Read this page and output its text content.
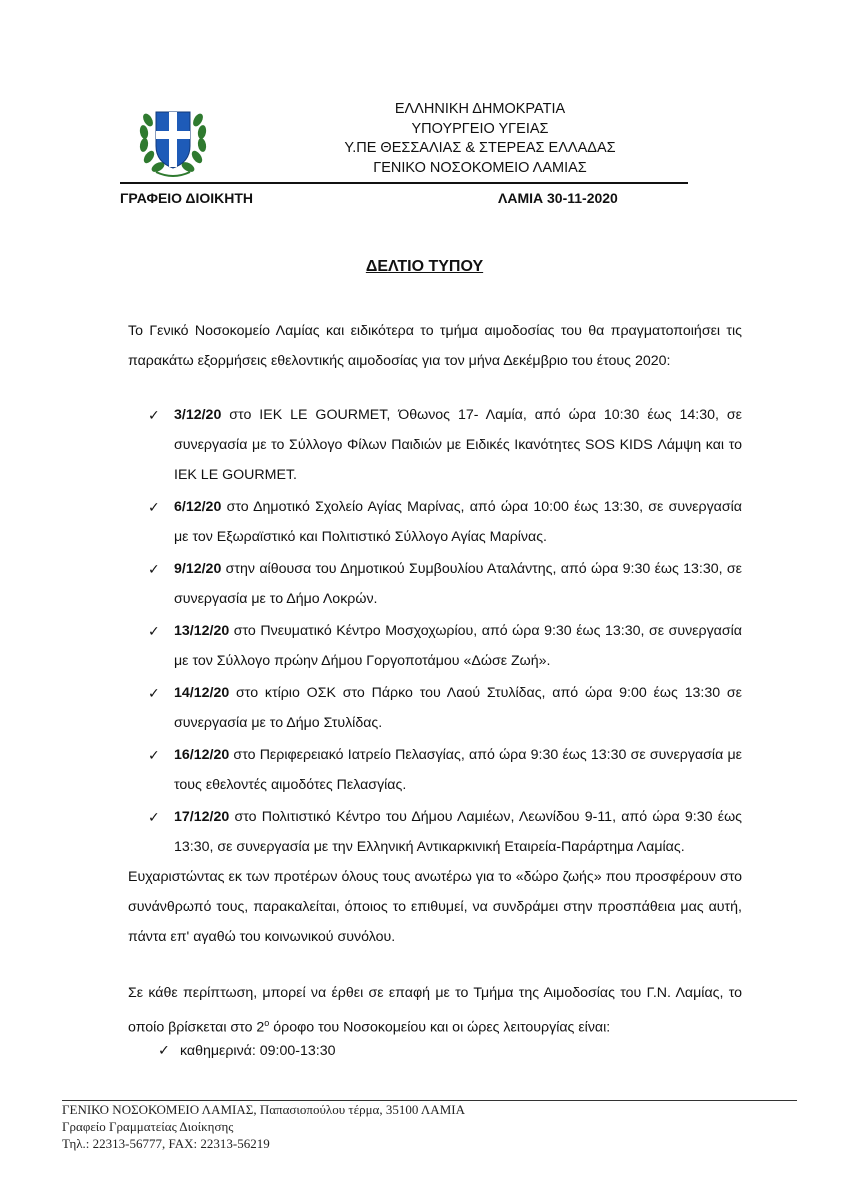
ΕΛΛΗΝΙΚΗ ΔΗΜΟΚΡΑΤΙΑ
ΥΠΟΥΡΓΕΙΟ ΥΓΕΙΑΣ
Υ.ΠΕ ΘΕΣΣΑΛΙΑΣ & ΣΤΕΡΕΑΣ ΕΛΛΑΔΑΣ
ΓΕΝΙΚΟ ΝΟΣΟΚΟΜΕΙΟ ΛΑΜΙΑΣ
ΓΡΑΦΕΙΟ ΔΙΟΙΚΗΤΗ	ΛΑΜΙΑ 30-11-2020
ΔΕΛΤΙΟ ΤΥΠΟΥ
Το Γενικό Νοσοκομείο Λαμίας και ειδικότερα το τμήμα αιμοδοσίας του θα πραγματοποιήσει τις παρακάτω εξορμήσεις εθελοντικής αιμοδοσίας για τον μήνα Δεκέμβριο του έτους 2020:
✓ 3/12/20 στο ΙΕΚ LE GOURMET, Όθωνος 17- Λαμία, από ώρα 10:30 έως 14:30, σε συνεργασία με το Σύλλογο Φίλων Παιδιών με Ειδικές Ικανότητες SOS KIDS Λάμψη και το ΙΕΚ LE GOURMET.
✓ 6/12/20 στο Δημοτικό Σχολείο Αγίας Μαρίνας, από ώρα 10:00 έως 13:30, σε συνεργασία με τον Εξωραϊστικό και Πολιτιστικό Σύλλογο Αγίας Μαρίνας.
✓ 9/12/20 στην αίθουσα του Δημοτικού Συμβουλίου Αταλάντης, από ώρα 9:30 έως 13:30, σε συνεργασία με το Δήμο Λοκρών.
✓ 13/12/20 στο Πνευματικό Κέντρο Μοσχοχωρίου, από ώρα 9:30 έως 13:30, σε συνεργασία με τον Σύλλογο πρώην Δήμου Γοργοποτάμου «Δώσε Ζωή».
✓ 14/12/20 στο κτίριο ΟΣΚ στο Πάρκο του Λαού Στυλίδας, από ώρα 9:00 έως 13:30 σε συνεργασία με το Δήμο Στυλίδας.
✓ 16/12/20 στο Περιφερειακό Ιατρείο Πελασγίας, από ώρα 9:30 έως 13:30 σε συνεργασία με τους εθελοντές αιμοδότες Πελασγίας.
✓ 17/12/20 στο Πολιτιστικό Κέντρο του Δήμου Λαμιέων, Λεωνίδου 9-11, από ώρα 9:30 έως 13:30, σε συνεργασία με την Ελληνική Αντικαρκινική Εταιρεία-Παράρτημα Λαμίας.
Ευχαριστώντας εκ των προτέρων όλους τους ανωτέρω για το «δώρο ζωής» που προσφέρουν στο συνάνθρωπό τους, παρακαλείται, όποιος το επιθυμεί, να συνδράμει στην προσπάθεια μας αυτή, πάντα επ' αγαθώ του κοινωνικού συνόλου.
Σε κάθε περίπτωση, μπορεί να έρθει σε επαφή με το Τμήμα της Αιμοδοσίας του Γ.Ν. Λαμίας, το οποίο βρίσκεται στο $2^o$ όροφο του Νοσοκομείου και οι ώρες λειτουργίας είναι:
✓ καθημερινά: 09:00-13:30
ΓΕΝΙΚΟ ΝΟΣΟΚΟΜΕΙΟ ΛΑΜΙΑΣ, Παπασιοπούλου τέρμα, 35100 ΛΑΜΙΑ
Γραφείο Γραμματείας Διοίκησης
Τηλ.: 22313-56777, FAX: 22313-56219
